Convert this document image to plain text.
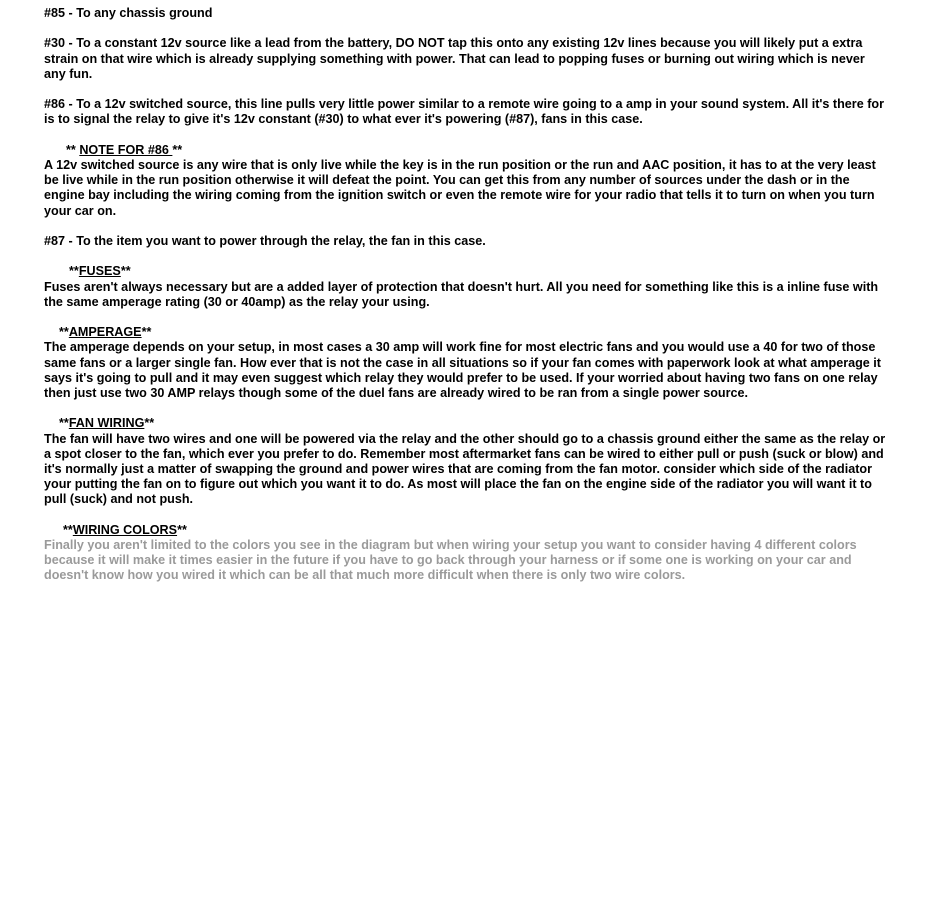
#85 - To any chassis ground

#30 - To a constant 12v source like a lead from the battery, DO NOT tap this onto any existing 12v lines because you will likely put a extra strain on that wire which is already supplying something with power. That can lead to popping fuses or burning out wiring which is never any fun.

#86 - To a 12v switched source, this line pulls very little power similar to a remote wire going to a amp in your sound system. All it's there for is to signal the relay to give it's 12v constant (#30) to what ever it's powering (#87), fans in this case.

** NOTE FOR #86 **

A 12v switched source is any wire that is only live while the key is in the run position or the run and AAC position, it has to at the very least be live while in the run position otherwise it will defeat the point. You can get this from any number of sources under the dash or in the engine bay including the wiring coming from the ignition switch or even the remote wire for your radio that tells it to turn on when you turn your car on.

#87 - To the item you want to power through the relay, the fan in this case.

**FUSES**

Fuses aren't always necessary but are a added layer of protection that doesn't hurt. All you need for something like this is a inline fuse with the same amperage rating (30 or 40amp) as the relay your using.

**AMPERAGE**

The amperage depends on your setup, in most cases a 30 amp will work fine for most electric fans and you would use a 40 for two of those same fans or a larger single fan. How ever that is not the case in all situations so if your fan comes with paperwork look at what amperage it says it's going to pull and it may even suggest which relay they would prefer to be used. If your worried about having two fans on one relay then just use two 30 AMP relays though some of the duel fans are already wired to be ran from a single power source.

**FAN WIRING**

The fan will have two wires and one will be powered via the relay and the other should go to a chassis ground either the same as the relay or a spot closer to the fan, which ever you prefer to do. Remember most aftermarket fans can be wired to either pull or push (suck or blow) and it's normally just a matter of swapping the ground and power wires that are coming from the fan motor. consider which side of the radiator your putting the fan on to figure out which you want it to do. As most will place the fan on the engine side of the radiator you will want it to pull (suck) and not push.

**WIRING COLORS**

Finally you aren't limited to the colors you see in the diagram but when wiring your setup you want to consider having 4 different colors because it will make it times easier in the future if you have to go back through your harness or if some one is working on your car and doesn't know how you wired it which can be all that much more difficult when there is only two wire colors.
